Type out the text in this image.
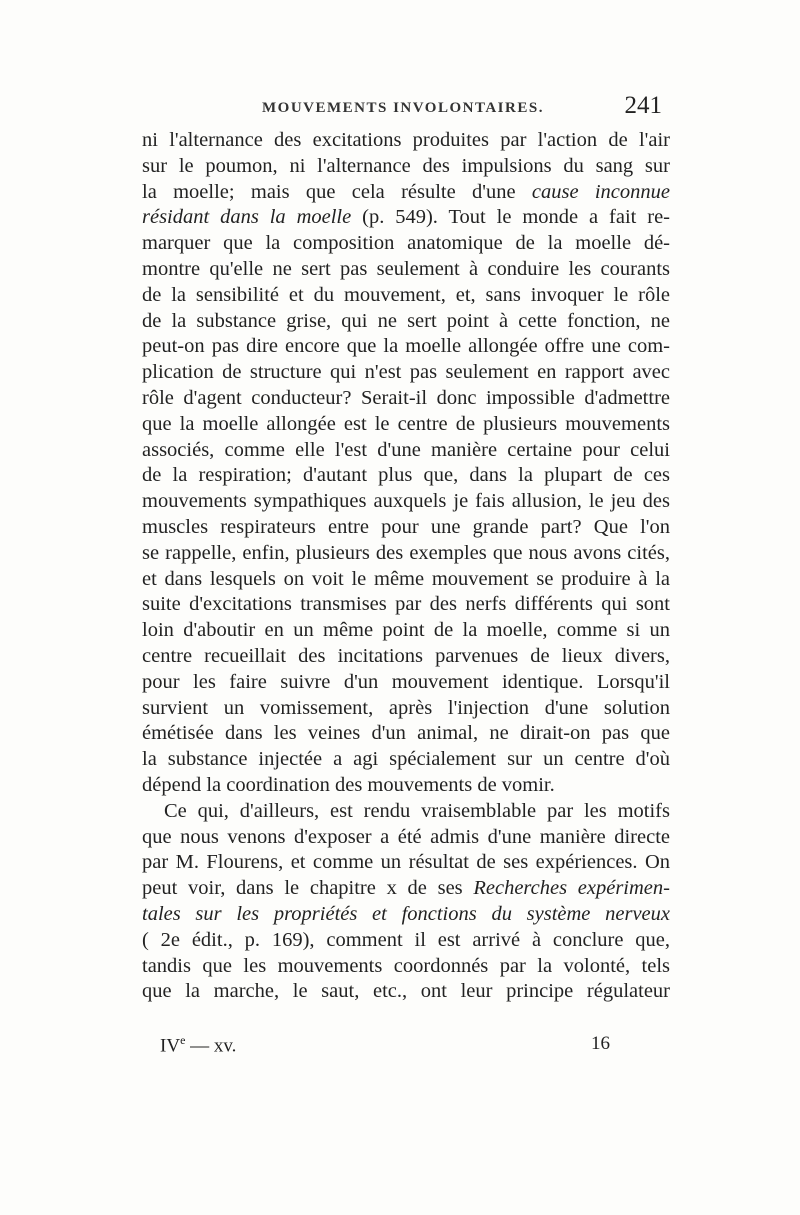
MOUVEMENTS INVOLONTAIRES.	241
ni l'alternance des excitations produites par l'action de l'air
sur le poumon, ni l'alternance des impulsions du sang sur
la moelle; mais que cela résulte d'une cause inconnue
résidant dans la moelle (p. 549). Tout le monde a fait re-
marquer que la composition anatomique de la moelle dé-
montre qu'elle ne sert pas seulement à conduire les courants
de la sensibilité et du mouvement, et, sans invoquer le rôle
de la substance grise, qui ne sert point à cette fonction, ne
peut-on pas dire encore que la moelle allongée offre une com-
plication de structure qui n'est pas seulement en rapport avec
rôle d'agent conducteur? Serait-il donc impossible d'admettre
que la moelle allongée est le centre de plusieurs mouvements
associés, comme elle l'est d'une manière certaine pour celui
de la respiration; d'autant plus que, dans la plupart de ces
mouvements sympathiques auxquels je fais allusion, le jeu des
muscles respirateurs entre pour une grande part? Que l'on
se rappelle, enfin, plusieurs des exemples que nous avons cités,
et dans lesquels on voit le même mouvement se produire à la
suite d'excitations transmises par des nerfs différents qui sont
loin d'aboutir en un même point de la moelle, comme si un
centre recueillait des incitations parvenues de lieux divers,
pour les faire suivre d'un mouvement identique. Lorsqu'il
survient un vomissement, après l'injection d'une solution
émétisée dans les veines d'un animal, ne dirait-on pas que
la substance injectée a agi spécialement sur un centre d'où
dépend la coordination des mouvements de vomir.
Ce qui, d'ailleurs, est rendu vraisemblable par les motifs
que nous venons d'exposer a été admis d'une manière directe
par M. Flourens, et comme un résultat de ses expériences. On
peut voir, dans le chapitre x de ses Recherches expérimen-
tales sur les propriétés et fonctions du système nerveux
( 2e édit., p. 169), comment il est arrivé à conclure que,
tandis que les mouvements coordonnés par la volonté, tels
que la marche, le saut, etc., ont leur principe régulateur
IVe — xv.	16
